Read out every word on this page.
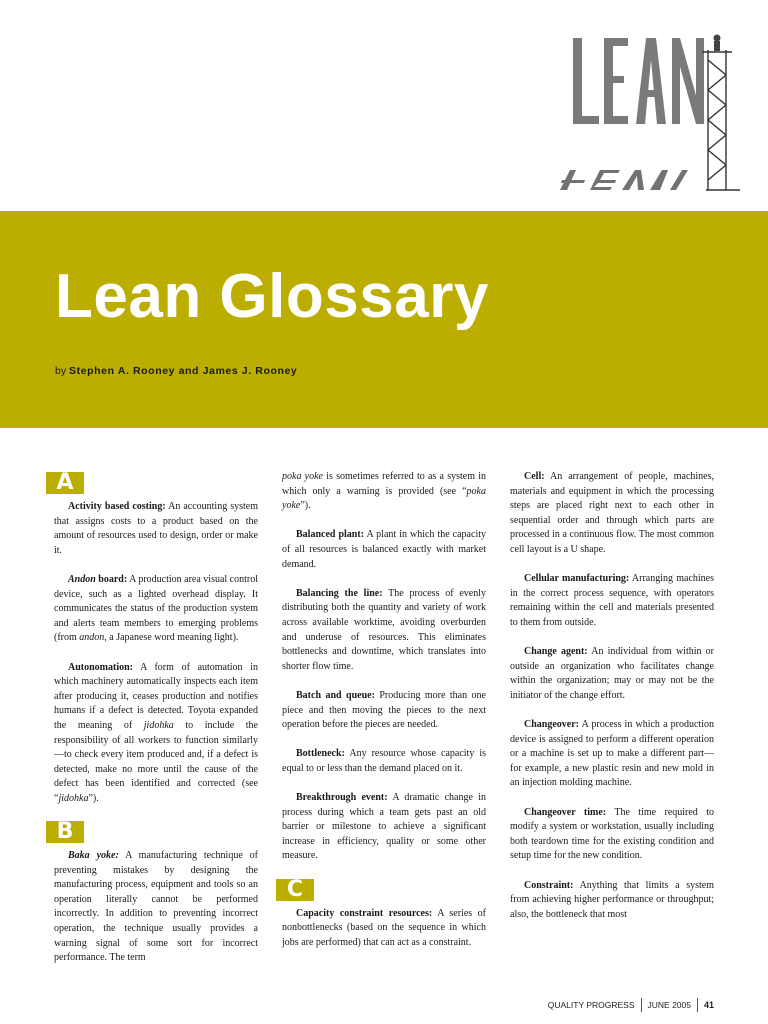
Lean Glossary
by Stephen A. Rooney and James J. Rooney
A

Activity based costing: An accounting system that assigns costs to a product based on the amount of resources used to design, order or make it.

Andon board: A production area visual control device, such as a lighted overhead display. It communicates the status of the production system and alerts team members to emerging problems (from andon, a Japanese word meaning light).

Autonomation: A form of automation in which machinery automatically inspects each item after producing it, ceases production and notifies humans if a defect is detected. Toyota expanded the meaning of jidohka to include the responsibility of all workers to function similarly—to check every item produced and, if a defect is detected, make no more until the cause of the defect has been identified and corrected (see “jidohka”).

B

Baka yoke: A manufacturing technique of preventing mistakes by designing the manufacturing process, equipment and tools so an operation literally cannot be performed incorrectly. In addition to preventing incorrect operation, the technique usually provides a warning signal of some sort for incorrect performance. The term

poka yoke is sometimes referred to as a system in which only a warning is provided (see “poka yoke”).

Balanced plant: A plant in which the capacity of all resources is balanced exactly with market demand.

Balancing the line: The process of evenly distributing both the quantity and variety of work across available worktime, avoiding overburden and underuse of resources. This eliminates bottlenecks and downtime, which translates into shorter flow time.

Batch and queue: Producing more than one piece and then moving the pieces to the next operation before the pieces are needed.

Bottleneck: Any resource whose capacity is equal to or less than the demand placed on it.

Breakthrough event: A dramatic change in process during which a team gets past an old barrier or milestone to achieve a significant increase in efficiency, quality or some other measure.

C

Capacity constraint resources: A series of nonbottlenecks (based on the sequence in which jobs are performed) that can act as a constraint.

Cell: An arrangement of people, machines, materials and equipment in which the processing steps are placed right next to each other in sequential order and through which parts are processed in a continuous flow. The most common cell layout is a U shape.

Cellular manufacturing: Arranging machines in the correct process sequence, with operators remaining within the cell and materials presented to them from outside.

Change agent: An individual from within or outside an organization who facilitates change within the organization; may or may not be the initiator of the change effort.

Changeover: A process in which a production device is assigned to perform a different operation or a machine is set up to make a different part—for example, a new plastic resin and new mold in an injection molding machine.

Changeover time: The time required to modify a system or workstation, usually including both teardown time for the existing condition and setup time for the new condition.

Constraint: Anything that limits a system from achieving higher performance or throughput; also, the bottleneck that most

QUALITY PROGRESS JUNE 2005 41
